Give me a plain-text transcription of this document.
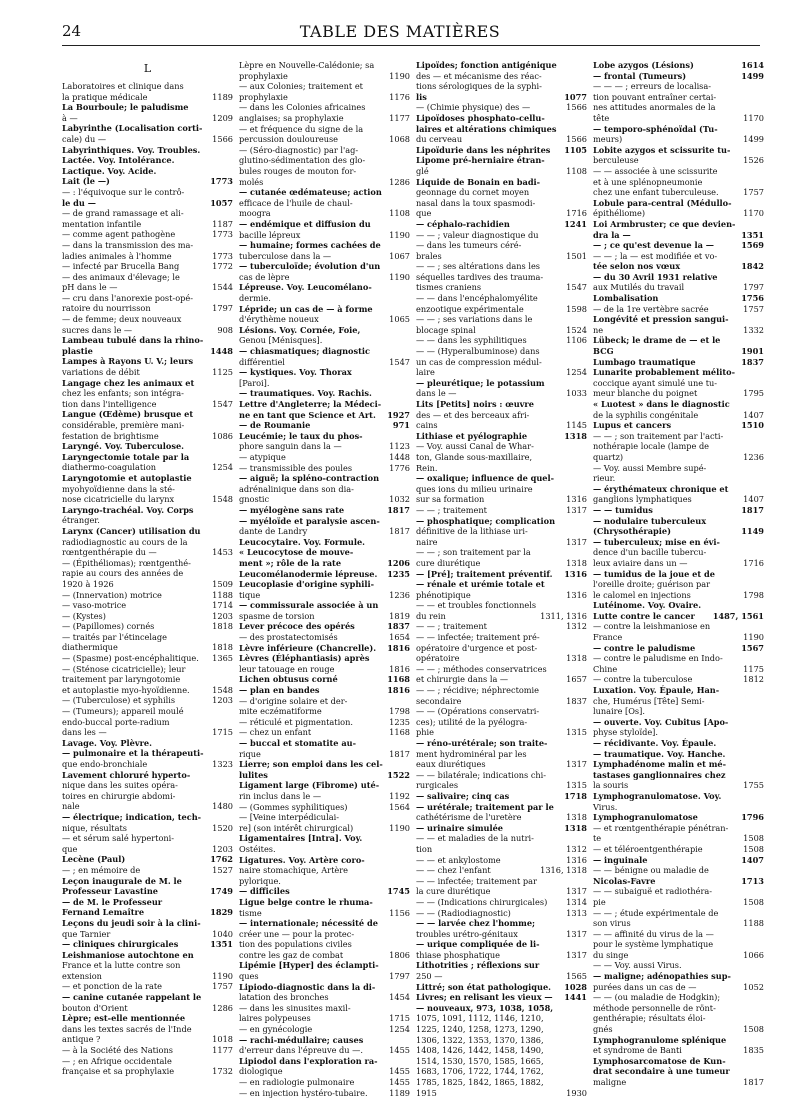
24	TABLE DES MATIÈRES
L
Laboratoires et clinique dans
la pratique médicale	1189
La Bourboule; le paludisme
à —	1209
Labyrinthe (Localisation corti-
cale) du —	1566
Labyrinthiques. Voy. Troubles.
Lactée. Voy. Intolérance.
Lactique. Voy. Acide.
Lait (le —)	1773
— : l'équivoque sur le contrô-
le du —	1057
— de grand ramassage et ali-
mentation infantile	1187
— comme agent pathogène	1773
— dans la transmission des ma-
ladies animales à l'homme	1773
— infecté par Brucella Bang	1772
— des animaux d'élevage; le
pH dans le —	1544
— cru dans l'anorexie post-opé-
ratoire du nourrisson	1797
— de femme; deux nouveaux
sucres dans le —	908
Lambeau tubulé dans la rhino-
plastie	1448
Lampes à Rayons U. V.; leurs
variations de débit	1125
Langage chez les animaux et
chez les enfants; son intégra-
tion dans l'intelligence	1547
Langue (Œdème) brusque et
considérable, première mani-
festation de brightisme	1086
Laryngé. Voy. Tuberculose.
Laryngectomie totale par la
diathermo-coagulation	1254
Laryngotomie et autoplastie
myohyoïdienne dans la sté-
nose cicatricielle du larynx	1548
Laryngo-trachéal. Voy. Corps
étranger.
Larynx (Cancer) utilisation du
radiodiagnostic au cours de la
rœntgenthérapie du —	1453
— (Épithéliomas); rœntgenthé-
rapie au cours des années de
1920 à 1926	1509
— (Innervation) motrice	1188
— vaso-motrice	1714
— (Kystes)	1203
— (Papillomes) cornés	1818
— traités par l'étincelage
diathermique	1818
— (Spasme) post-encéphalitique.	1365
— (Sténose cicatricielle); leur
traitement par laryngotomie
et autoplastie myo-hyoïdienne.	1548
— (Tuberculose) et syphilis	1203
— (Tumeurs); appareil moulé
endo-buccal porte-radium
dans les —	1715
Lavage. Voy. Plèvre.
— pulmonaire et la thérapeuti-
que endo-bronchiale	1323
Lavement chloruré hyperto-
nique dans les suites opéra-
toires en chirurgie abdomi-
nale	1480
— électrique; indication, tech-
nique, résultats	1520
— et sérum salé hypertoni-
que	1203
Lecène (Paul)	1762
— ; en mémoire de	1527
Leçon inaugurale de M. le
Professeur Lavastine	1749
— de M. le Professeur
Fernand Lemaître	1829
Leçons du jeudi soir à la clini-
que Tarnier	1040
— cliniques chirurgicales	1351
Leishmaniose autochtone en
France et la lutte contre son
extension	1190
— et ponction de la rate	1757
— canine cutanée rappelant le
bouton d'Orient	1286
Lèpre; est-elle mentionnée
dans les textes sacrés de l'Inde
antique ?	1018
— à la Société des Nations	1177
— ; en Afrique occidentale
française et sa prophylaxie	1732
Lèpre en Nouvelle-Calédonie; sa
prophylaxie	1190
— aux Colonies; traitement et
prophylaxie	1176
— dans les Colonies africaines
anglaises; sa prophylaxie	1177
— et fréquence du signe de la
percussion douloureuse	1068
— (Séro-diagnostic) par l'ag-
glutino-sédimentation des glo-
bules rouges de mouton for-
molés	1286
— cutanée œdémateuse; action
efficace de l'huile de chaul-
moogra	1108
— endémique et diffusion du
bacille lépreux	1190
— humaine; formes cachées de
tuberculose dans la —	1067
— tuberculoïde; évolution d'un
cas de lèpre	1190
Lépreuse. Voy. Leucomélano-
dermie.
Lépride; un cas de — à forme
d'érythème noueux	1065
Lésions. Voy. Cornée, Foie,
Genou [Ménisques].
— chiasmatiques; diagnostic
différentiel	1547
— kystiques. Voy. Thorax
[Paroi].
— traumatiques. Voy. Rachis.
Lettre d'Angleterre; la Médeci-
ne en tant que Science et Art.	1927
— de Roumanie	971
Leucémie; le taux du phos-
phore sanguin dans la —	1123
— atypique	1448
— transmissible des poules	1776
— aiguë; la spléno-contraction
adrénalinique dans son dia-
gnostic	1032
— myélogène sans rate	1817
— myéloïde et paralysie ascen-
dante de Landry	1817
Leucocytaire. Voy. Formule.
« Leucocytose de mouve-
ment »; rôle de la rate	1206
Leucomélanodermie lépreuse.	1235
Leucoplasie d'origine syphili-
tique	1236
— commissurale associée à un
spasme de torsion	1819
Lever précoce des opérés	1837
— des prostatectomisés	1654
Lèvre inférieure (Chancrelle).	1816
Lèvres (Éléphantiasis) après
leur tatouage en rouge	1816
Lichen obtusus corné	1168
— plan en bandes	1816
— d'origine solaire et der-
mite eczématiforme	1798
— réticulé et pigmentation.	1235
— chez un enfant	1168
— buccal et stomatite au-
rique	1817
Lierre; son emploi dans les cel-
lulites	1522
Ligament large (Fibrome) uté-
rin inclus dans le —	1192
— (Gommes syphilitiques)	1564
— [Veine interpédiculai-
re] (son intérêt chirurgical)	1190
Ligamentaires [Intra]. Voy.
Ostéites.
Ligatures. Voy. Artère coro-
naire stomachique, Artère
pylorique.
— difficiles	1745
Ligue belge contre le rhuma-
tisme	1156
— internationale; nécessité de
créer une — pour la protec-
tion des populations civiles
contre les gaz de combat	1806
Lipémie [Hyper] des éclampti-
ques	1797
Lipiodo-diagnostic dans la di-
latation des bronches	1454
— dans les sinusites maxil-
laires polypeuses	1715
— en gynécologie	1254
— rachi-médullaire; causes
d'erreur dans l'épreuve du —.	1455
Lipiodol dans l'exploration ra-
diologique	1455
— en radiologie pulmonaire	1455
— en injection hystéro-tubaire.	1189
Lipoïdes; fonction antigénique
des — et mécanisme des réac-
tions sérologiques de la syphi-
lis	1077
— (Chimie physique) des —	1566
Lipoïdoses phosphato-cellu-
laires et altérations chimiques
du cerveau	1566
Lipoïdurie dans les néphrites	1105
Lipome pré-herniaire étran-
glé	1108
Liquide de Bonain en badi-
geonnage du cornet moyen
nasal dans la toux spasmodi-
que	1716
— céphalo-rachidien	1241
— — ; valeur diagnostique du
— dans les tumeurs céré-
brales	1501
— — ; ses altérations dans les
séquelles tardives des trauma-
tismes craniens	1547
— — dans l'encéphalomyélite
enzootique expérimentale	1598
— — ; ses variations dans le
blocage spinal	1524
— — dans les syphilitiques	1106
— — (Hyperalbuminose) dans
un cas de compression médul-
laire	1254
— pleurétique; le potassium
dans le —	1033
Lits [Petits] noirs : œuvre
des — et des berceaux afri-
cains	1145
Lithiase et pyélographie	1318
— Voy. aussi Canal de Whar-
ton, Glande sous-maxillaire,
Rein.
— oxalique; influence de quel-
ques ions du milieu urinaire
sur sa formation	1316
— — ; traitement	1317
— phosphatique; complication
définitive de la lithiase uri-
naire	1317
— — ; son traitement par la
cure diurétique	1318
— [Pré]; traitement préventif.	1316
— rénale et urémie totale et
phénotipique	1316
— — et troubles fonctionnels
du rein	1311, 1316
— — ; traitement	1312
— — infectée; traitement pré-
opératoire d'urgence et post-
opératoire	1318
— — ; méthodes conservatrices
et chirurgie dans la —	1657
— — ; récidive; néphrectomie
secondaire	1837
— — (Opérations conservatri-
ces); utilité de la pyélogra-
phie	1315
— réno-urétérale; son traite-
ment hydrominéral par les
eaux diurétiques	1317
— — bilatérale; indications chi-
rurgicales	1315
— salivaire; cinq cas	1718
— urétérale; traitement par le
cathétérisme de l'uretère	1318
— urinaire simulée	1318
— — et maladies de la nutri-
tion	1312
— — et ankylostome	1316
— — chez l'enfant	1316, 1318
— — infectée; traitement par
la cure diurétique	1317
— — (Indications chirurgicales)	1314
— — (Radiodiagnostic)	1313
— — larvée chez l'homme;
troubles urétro-génitaux	1317
— urique compliquée de li-
thiase phosphatique	1317
Lithotrities ; réflexions sur
250 —	1565
Littré; son état pathologique.	1028
Livres; en relisant les vieux —	1441
— nouveaux, 973, 1038, 1058,
1075, 1091, 1112, 1146, 1210,
1225, 1240, 1258, 1273, 1290,
1306, 1322, 1353, 1370, 1386,
1408, 1426, 1442, 1458, 1490,
1514, 1530, 1570, 1585, 1665,
1683, 1706, 1722, 1744, 1762,
1785, 1825, 1842, 1865, 1882,
1915	1930
Lobe azygos (Lésions)	1614
— frontal (Tumeurs)	1499
— — — ; erreurs de localisa-
tion pouvant entraîner certai-
nes attitudes anormales de la
tête	1170
— temporo-sphénoïdal (Tu-
meurs)	1499
Lobite azygos et scissurite tu-
berculeuse	1526
— — associée à une scissurite
et à une splénopneumonie
chez une enfant tuberculeuse.	1757
Lobule para-central (Médullo-
épithéliome)	1170
Loi Armbruster; ce que devien-
dra la —	1351
— ; ce qu'est devenue la —	1569
— — ; la — est modifiée et vo-
tée selon nos vœux	1842
— du 30 Avril 1931 relative
aux Mutilés du travail	1797
Lombalisation	1756
— de la 1re vertèbre sacrée	1757
Longévité et pression sangui-
ne	1332
Lübeck; le drame de — et le
BCG	1901
Lumbago traumatique	1837
Lunarite probablement mélito-
coccique ayant simulé une tu-
meur blanche du poignet	1795
« Luotest » dans le diagnostic
de la syphilis congénitale	1407
Lupus et cancers	1510
— — ; son traitement par l'acti-
nothérapie locale (lampe de
quartz)	1236
— Voy. aussi Membre supé-
rieur.
— érythémateux chronique et
ganglions lymphatiques	1407
— — tumidus	1817
— nodulaire tuberculeux
(Chrysothérapie)	1149
— tuberculeux; mise en évi-
dence d'un bacille tubercu-
leux aviaire dans un —	1716
— tumidus de la joue et de
l'oreille droite; guérison par
le calomel en injections	1798
Lutéinome. Voy. Ovaire.
Lutte contre le cancer	1487, 1561
— contre la leishmaniose en
France	1190
— contre le paludisme	1567
— contre le paludisme en Indo-
Chine	1175
— contre la tuberculose	1812
Luxation. Voy. Épaule, Han-
che, Humérus [Tête] Semi-
lunaire [Os].
— ouverte. Voy. Cubitus [Apo-
physe styloïde].
— récidivante. Voy. Épaule.
— traumatique. Voy. Hanche.
Lymphadénome malin et mé-
tastases ganglionnaires chez
la souris	1755
Lymphogranulomatose. Voy.
Virus.
Lymphogranulomatose	1796
— et rœntgenthérapie pénétran-
te	1508
— et téléroentgenthérapie	1508
— inguinale	1407
— — bénigne ou maladie de
Nicolas-Favre	1713
— — subaiguë et radiothéra-
pie	1508
— — ; étude expérimentale de
son virus	1188
— — affinité du virus de la —
pour le système lymphatique
du singe	1066
— — Voy. aussi Virus.
— maligne; adénopathies sup-
purées dans un cas de —	1052
— — (ou maladie de Hodgkin);
méthode personnelle de rönt-
genthérapie; résultats éloi-
gnés	1508
Lymphogranulome splénique
et syndrome de Banti	1835
Lymphosarcomatose de Kun-
drat secondaire à une tumeur
maligne	1817
